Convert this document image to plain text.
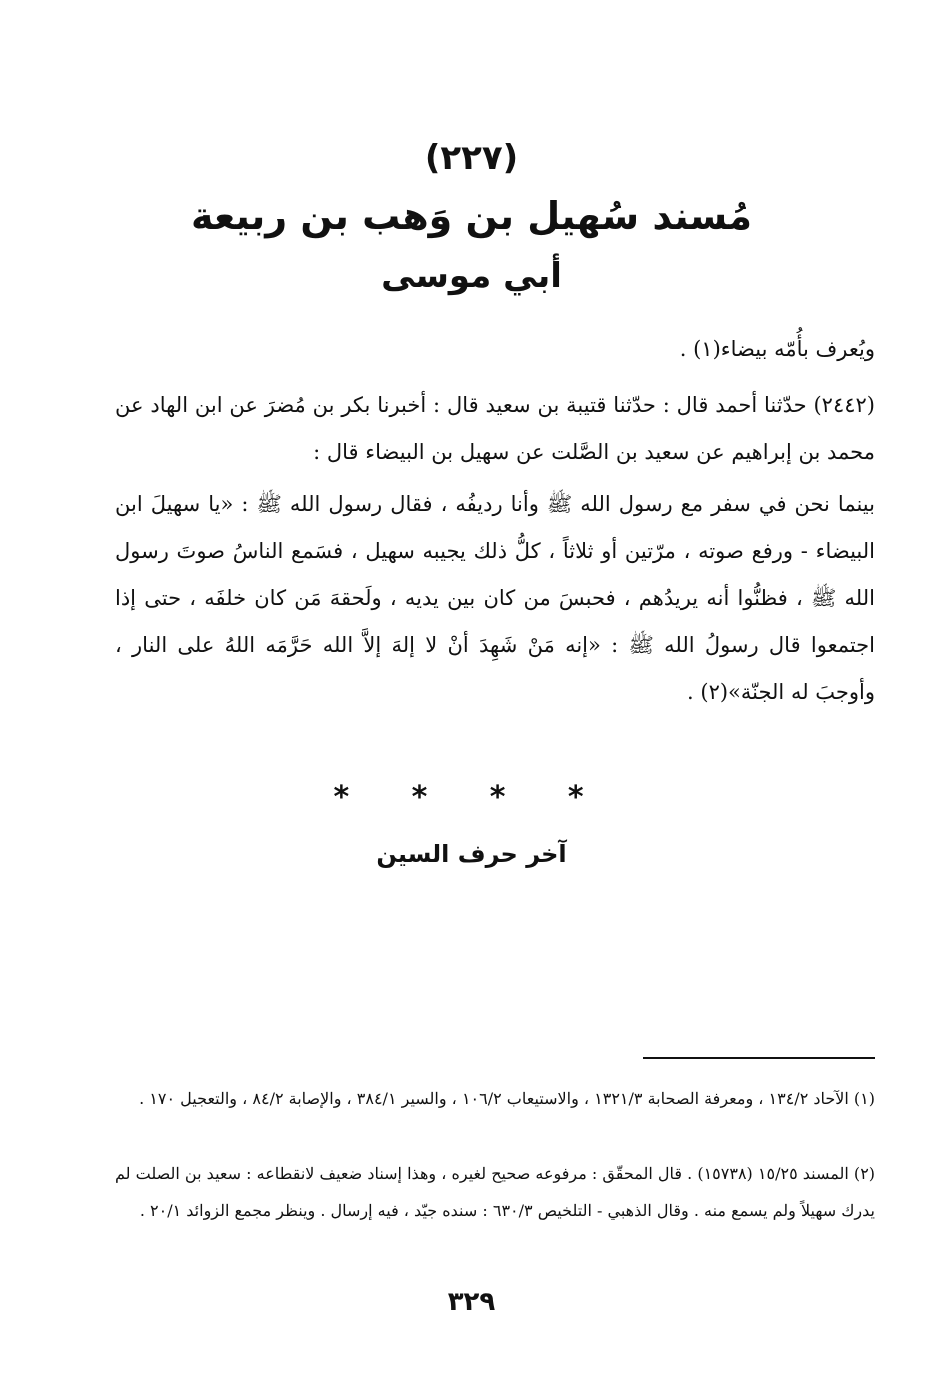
(٢٢٧)
مُسند سُهيل بن وَهب بن ربيعة
أبي موسى

ويُعرف بأُمّه بيضاء(١) .

(٢٤٤٢) حدّثنا أحمد قال : حدّثنا قتيبة بن سعيد قال : أخبرنا بكر بن مُضرَ عن ابن الهاد عن محمد بن إبراهيم عن سعيد بن الصَّلت عن سهيل بن البيضاء قال :

بينما نحن في سفر مع رسول الله ﷺ وأنا رديفُه ، فقال رسول الله ﷺ : «يا سهيلَ ابن البيضاء - ورفع صوته ، مرّتين أو ثلاثاً ، كلُّ ذلك يجيبه سهيل ، فسَمع الناسُ صوتَ رسول الله ﷺ ، فظنُّوا أنه يريدُهم ، فحبسَ من كان بين يديه ، ولَحقهَ مَن كان خلفَه ، حتى إذا اجتمعوا قال رسولُ الله ﷺ : «إنه مَنْ شَهِدَ أنْ لا إلهَ إلاَّ الله حَرَّمَه اللهُ على النار ، وأوجبَ له الجنّة»(٢) .

* * * *
آخر حرف السين

(١) الآحاد ١٣٤/٢ ، ومعرفة الصحابة ١٣٢١/٣ ، والاستيعاب ١٠٦/٢ ، والسير ٣٨٤/١ ، والإصابة ٨٤/٢ ، والتعجيل ١٧٠ .

(٢) المسند ١٥/٢٥ (١٥٧٣٨) . قال المحقّق : مرفوعه صحيح لغيره ، وهذا إسناد ضعيف لانقطاعه : سعيد بن الصلت لم يدرك سهيلاً ولم يسمع منه . وقال الذهبي - التلخيص ٦٣٠/٣ : سنده جيّد ، فيه إرسال . وينظر مجمع الزوائد ٢٠/١ .

٣٢٩
